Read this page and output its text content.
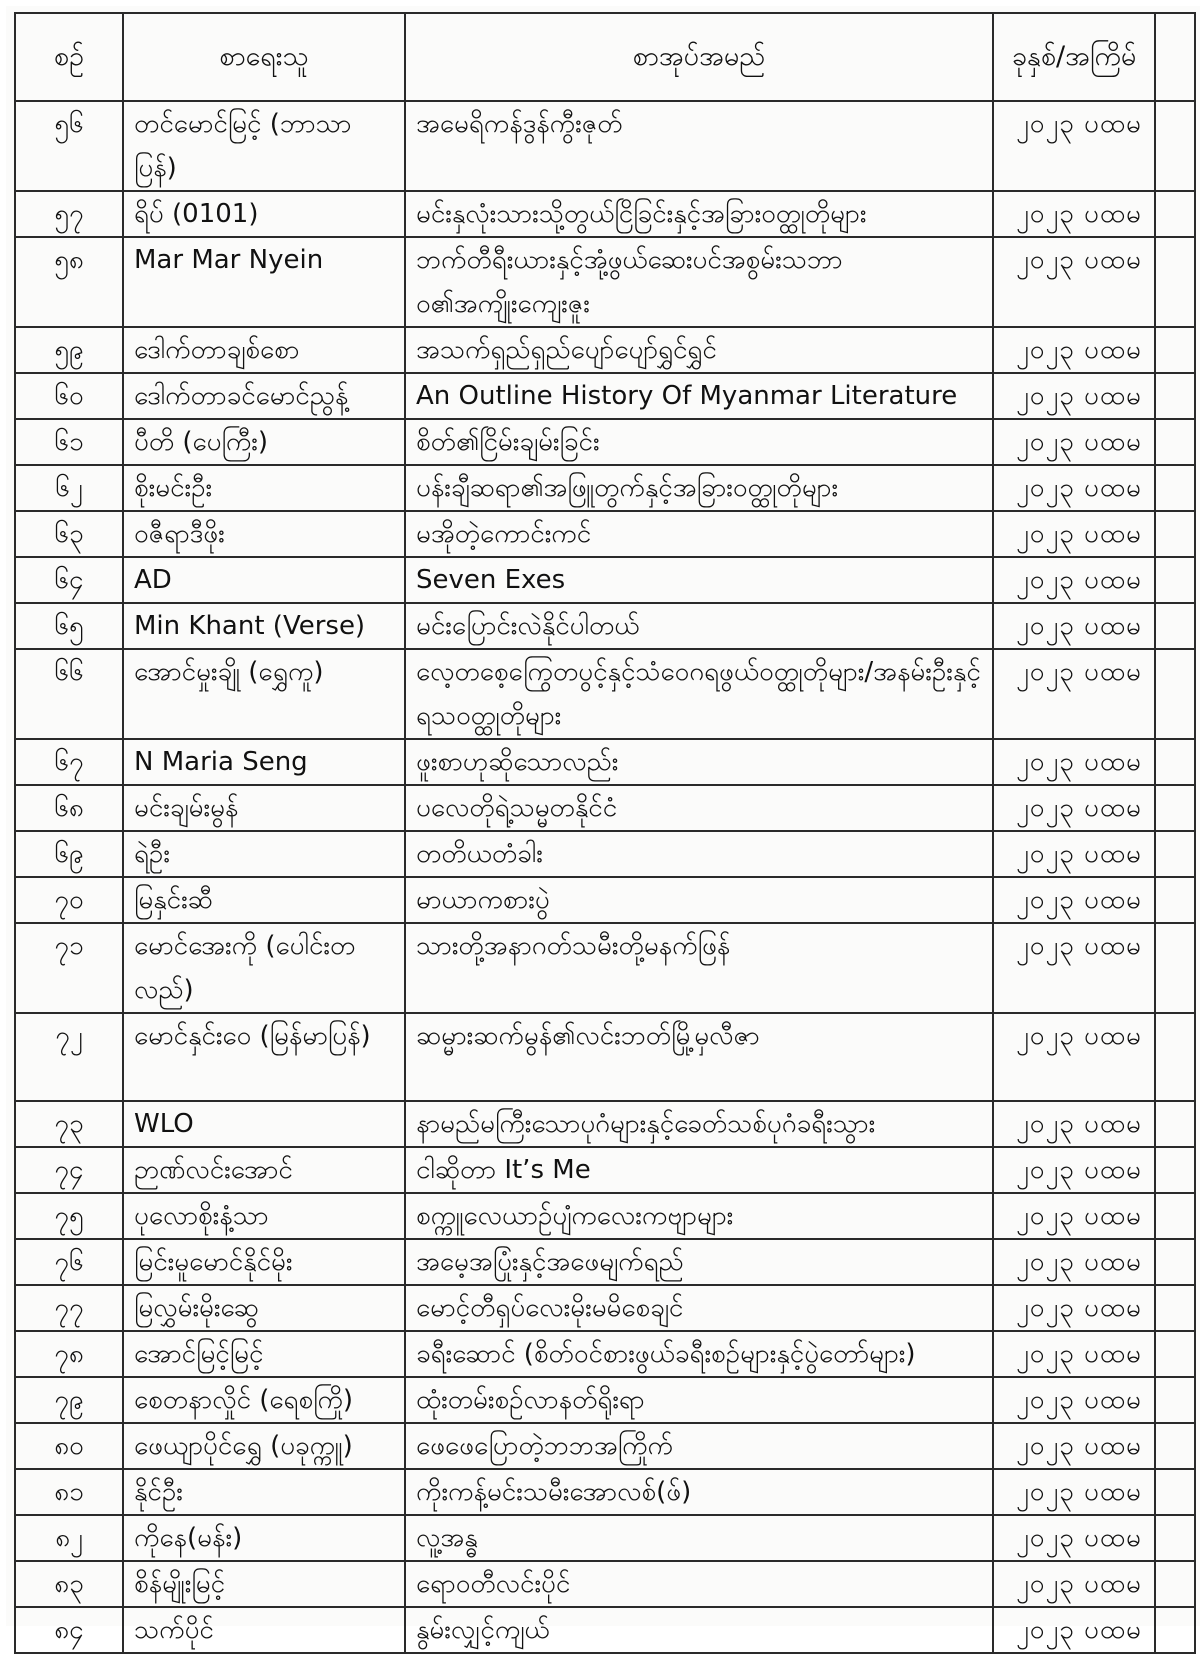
စဉ်	စာရေးသူ	စာအုပ်အမည်	ခုနှစ်/အကြိမ်	
၅၆	တင်မောင်မြင့် (ဘာသာပြန်)	အမေရိကန်ဒွန်ကွီးဇုတ်	၂၀၂၃ ပထမ	
၅၇	ရိပ် (0101)	မင်းနှလုံးသားသို့တွယ်ငြိခြင်းနှင့်အခြားဝတ္ထုတိုများ	၂၀၂၃ ပထမ	
၅၈	Mar Mar Nyein	ဘက်တီရီးယားနှင့်အုံ့ဖွယ်ဆေးပင်အစွမ်းသဘာဝ၏အကျိုးကျေးဇူး	၂၀၂၃ ပထမ	
၅၉	ဒေါက်တာချစ်စော	အသက်ရှည်ရှည်ပျော်ပျော်ရွှင်ရွှင်	၂၀၂၃ ပထမ	
၆၀	ဒေါက်တာခင်မောင်ညွန့်	An Outline History Of Myanmar Literature	၂၀၂၃ ပထမ	
၆၁	ပီတိ (ပေကြီး)	စိတ်၏ငြိမ်းချမ်းခြင်း	၂၀၂၃ ပထမ	
၆၂	စိုးမင်းဦး	ပန်းချီဆရာ၏အဖြူတွက်နှင့်အခြားဝတ္ထုတိုများ	၂၀၂၃ ပထမ	
၆၃	ဝဇီရာဒီဖိုး	မအိုတဲ့ကောင်းကင်	၂၀၂၃ ပထမ	
၆၄	AD	Seven Exes	၂၀၂၃ ပထမ	
၆၅	Min Khant (Verse)	မင်းပြောင်းလဲနိုင်ပါတယ်	၂၀၂၃ ပထမ	
၆၆	အောင်မှုးချို (ရွှေကူ)	လေ့တစေ့ကြွေတပွင့်နှင့်သံဝေဂရဖွယ်ဝတ္ထုတိုများ/အနမ်းဦးနှင့်ရသဝတ္ထုတိုများ	၂၀၂၃ ပထမ	
၆၇	N Maria Seng	ဖူးစာဟုဆိုသောလည်း	၂၀၂၃ ပထမ	
၆၈	မင်းချမ်းမွန်	ပလေတိုရဲ့သမ္မတနိုင်ငံ	၂၀၂၃ ပထမ	
၆၉	ရဲဦး	တတိယတံခါး	၂၀၂၃ ပထမ	
၇၀	မြနှင်းဆီ	မာယာကစားပွဲ	၂၀၂၃ ပထမ	
၇၁	မောင်အေးကို (ပေါင်းတလည်)	သားတို့အနာဂတ်သမီးတို့မနက်ဖြန်	၂၀၂၃ ပထမ	
၇၂	မောင်နှင်းဝေ (မြန်မာပြန်)	ဆမ္မားဆက်မွန်၏လင်းဘတ်မြို့မှလီဇာ	၂၀၂၃ ပထမ	
၇၃	WLO	နာမည်မကြီးသောပုဂံများနှင့်ခေတ်သစ်ပုဂံခရီးသွား	၂၀၂၃ ပထမ	
၇၄	ဉာဏ်လင်းအောင်	ငါဆိုတာ It’s Me	၂၀၂၃ ပထမ	
၇၅	ပုလောစိုးနံ့သာ	စက္ကူလေယာဉ်ပျံကလေးကဗျာများ	၂၀၂၃ ပထမ	
၇၆	မြင်းမူမောင်နိုင်မိုး	အမေ့အပြုံးနှင့်အဖေမျက်ရည်	၂၀၂၃ ပထမ	
၇၇	မြလွှမ်းမိုးဆွေ	မောင့်တီရှပ်လေးမိုးမမိစေချင်	၂၀၂၃ ပထမ	
၇၈	အောင်မြင့်မြင့်	ခရီးဆောင် (စိတ်ဝင်စားဖွယ်ခရီးစဉ်များနှင့်ပွဲတော်များ)	၂၀၂၃ ပထမ	
၇၉	စေတနာလှိုင် (ရေစကြို)	ထုံးတမ်းစဉ်လာနတ်ရိုးရာ	၂၀၂၃ ပထမ	
၈၀	ဖေယျာပိုင်ရွှေ (ပခုက္ကူ)	ဖေဖေပြောတဲ့ဘဘအကြိုက်	၂၀၂၃ ပထမ	
၈၁	နိုင်ဦး	ကိုးကန့်မင်းသမီးအောလစ်(ဖ်)	၂၀၂၃ ပထမ	
၈၂	ကိုနေ(မန်း)	လူ့အန္ဓ	၂၀၂၃ ပထမ	
၈၃	စိန်မျိုးမြင့်	ရောဝတီလင်းပိုင်	၂၀၂၃ ပထမ	
၈၄	သက်ပိုင်	နွမ်းလျှင့်ကျယ်	၂၀၂၃ ပထမ	
